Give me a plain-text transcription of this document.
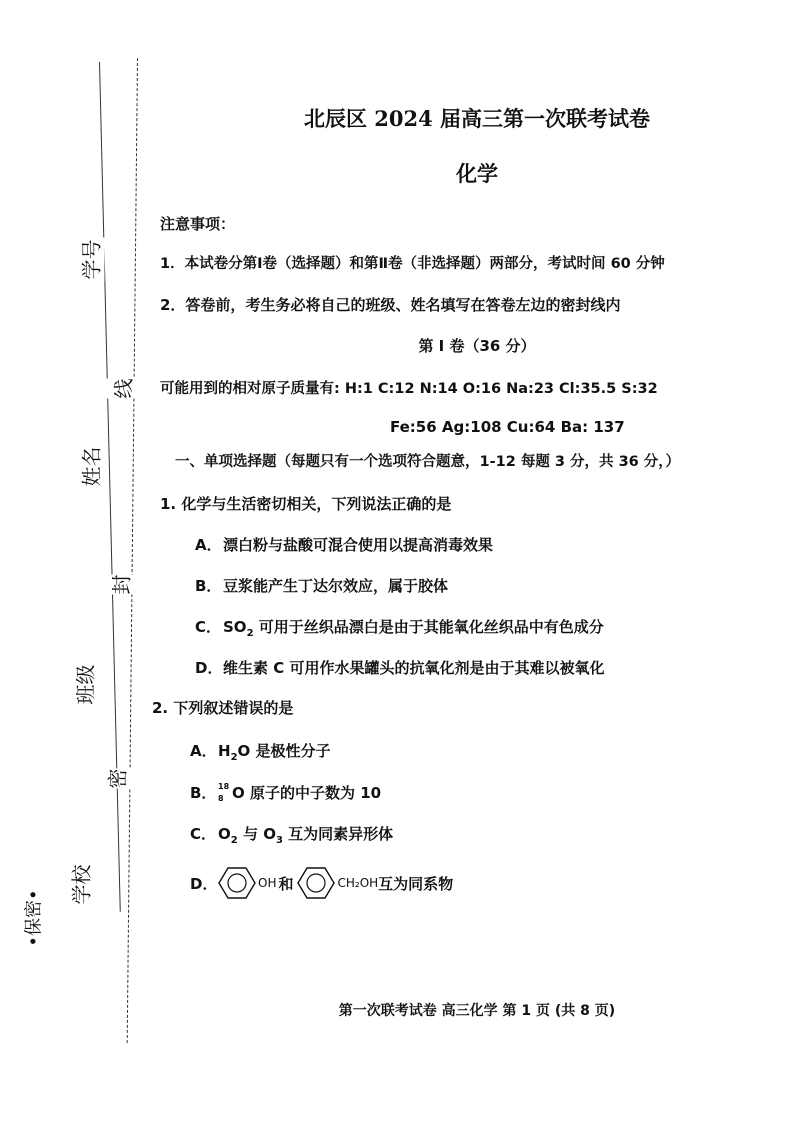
学号
姓名
班级
学校
线
封
密
•保密•
北辰区 2024 届高三第一次联考试卷
化学
注意事项：
1．本试卷分第Ⅰ卷（选择题）和第Ⅱ卷（非选择题）两部分，考试时间 60 分钟
2．答卷前，考生务必将自己的班级、姓名填写在答卷左边的密封线内
第 Ⅰ 卷（36 分）
可能用到的相对原子质量有: H:1 C:12 N:14 O:16 Na:23 Cl:35.5 S:32
Fe:56 Ag:108 Cu:64 Ba: 137
一、单项选择题（每题只有一个选项符合题意，1-12 每题 3 分，共 36 分，）
1. 化学与生活密切相关，下列说法正确的是
A．漂白粉与盐酸可混合使用以提高消毒效果
B． 豆浆能产生丁达尔效应，属于胶体
C． $SO_2$ 可用于丝织品漂白是由于其能氧化丝织品中有色成分
D．维生素 C 可用作水果罐头的抗氧化剂是由于其难以被氧化
2. 下列叙述错误的是
A．$H_2O$ 是极性分子
B． 18
8 O 原子的中子数为 10
C． $O_2$ 与 $O_3$ 互为同素异形体
D．	OH 和	CH₂OH 互为同系物
第一次联考试卷 高三化学 第 1 页 (共 8 页)
